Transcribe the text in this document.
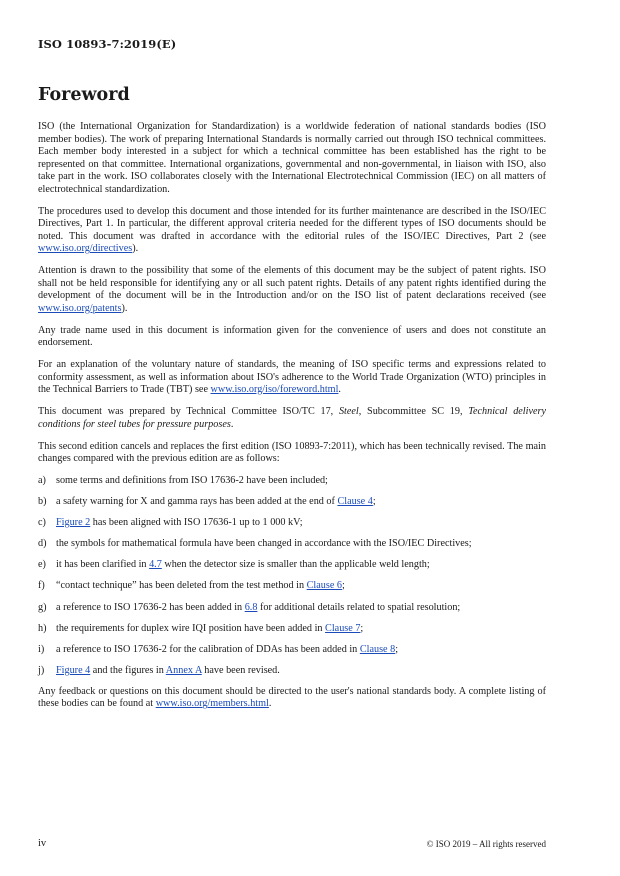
ISO 10893-7:2019(E)
Foreword

ISO (the International Organization for Standardization) is a worldwide federation of national standards bodies (ISO member bodies). The work of preparing International Standards is normally carried out through ISO technical committees. Each member body interested in a subject for which a technical committee has been established has the right to be represented on that committee. International organizations, governmental and non-governmental, in liaison with ISO, also take part in the work. ISO collaborates closely with the International Electrotechnical Commission (IEC) on all matters of electrotechnical standardization.

The procedures used to develop this document and those intended for its further maintenance are described in the ISO/IEC Directives, Part 1. In particular, the different approval criteria needed for the different types of ISO documents should be noted. This document was drafted in accordance with the editorial rules of the ISO/IEC Directives, Part 2 (see www.iso.org/directives).

Attention is drawn to the possibility that some of the elements of this document may be the subject of patent rights. ISO shall not be held responsible for identifying any or all such patent rights. Details of any patent rights identified during the development of the document will be in the Introduction and/or on the ISO list of patent declarations received (see www.iso.org/patents).

Any trade name used in this document is information given for the convenience of users and does not constitute an endorsement.

For an explanation of the voluntary nature of standards, the meaning of ISO specific terms and expressions related to conformity assessment, as well as information about ISO's adherence to the World Trade Organization (WTO) principles in the Technical Barriers to Trade (TBT) see www.iso.org/iso/foreword.html.

This document was prepared by Technical Committee ISO/TC 17, Steel, Subcommittee SC 19, Technical delivery conditions for steel tubes for pressure purposes.

This second edition cancels and replaces the first edition (ISO 10893-7:2011), which has been technically revised. The main changes compared with the previous edition are as follows:

a) some terms and definitions from ISO 17636-2 have been included;
b) a safety warning for X and gamma rays has been added at the end of Clause 4;
c) Figure 2 has been aligned with ISO 17636-1 up to 1 000 kV;
d) the symbols for mathematical formula have been changed in accordance with the ISO/IEC Directives;
e) it has been clarified in 4.7 when the detector size is smaller than the applicable weld length;
f)	“contact technique” has been deleted from the test method in Clause 6;
g) a reference to ISO 17636-2 has been added in 6.8 for additional details related to spatial resolution;
h) the requirements for duplex wire IQI position have been added in Clause 7;
i)	a reference to ISO 17636-2 for the calibration of DDAs has been added in Clause 8;
j)	Figure 4 and the figures in Annex A have been revised.

Any feedback or questions on this document should be directed to the user's national standards body. A complete listing of these bodies can be found at www.iso.org/members.html.

iv	© ISO 2019 – All rights reserved
